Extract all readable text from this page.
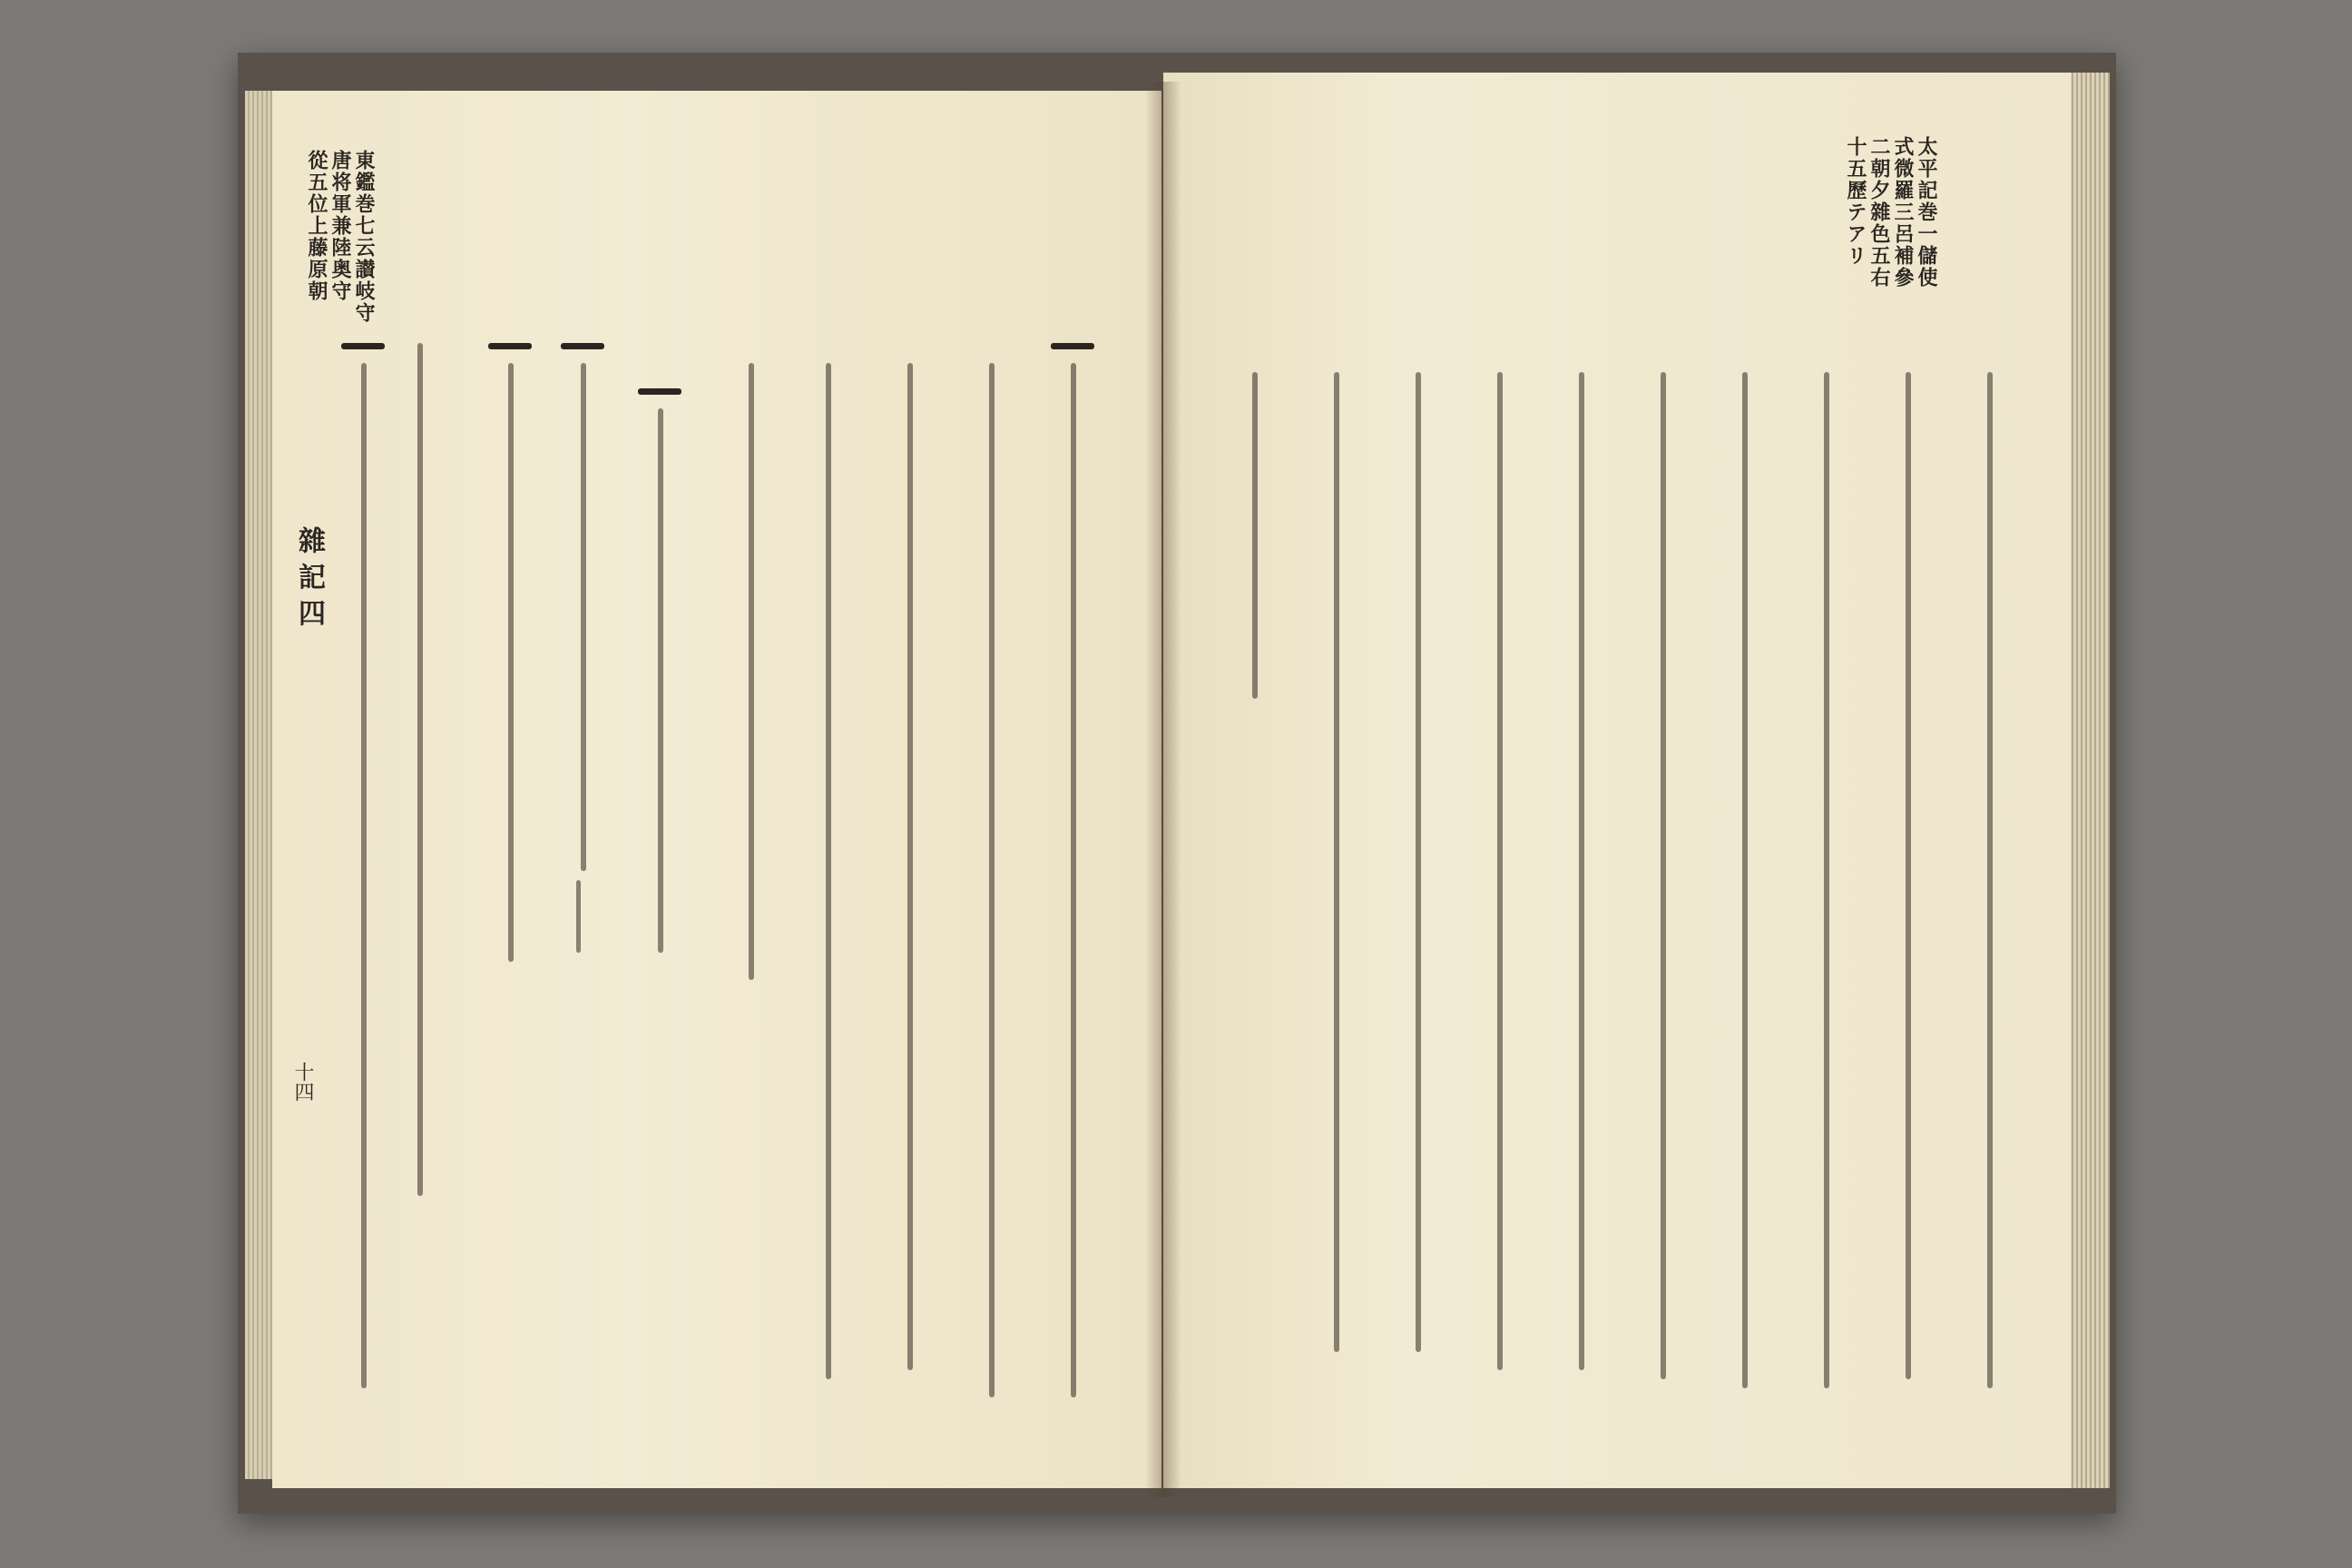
東鑑巻七云讃岐守
唐将軍兼陸奥守
從五位上藤原朝
雜記四
十四
太平記巻一儲使
式微羅三呂補參
二朝夕雜色五右
十五歷テアリ
